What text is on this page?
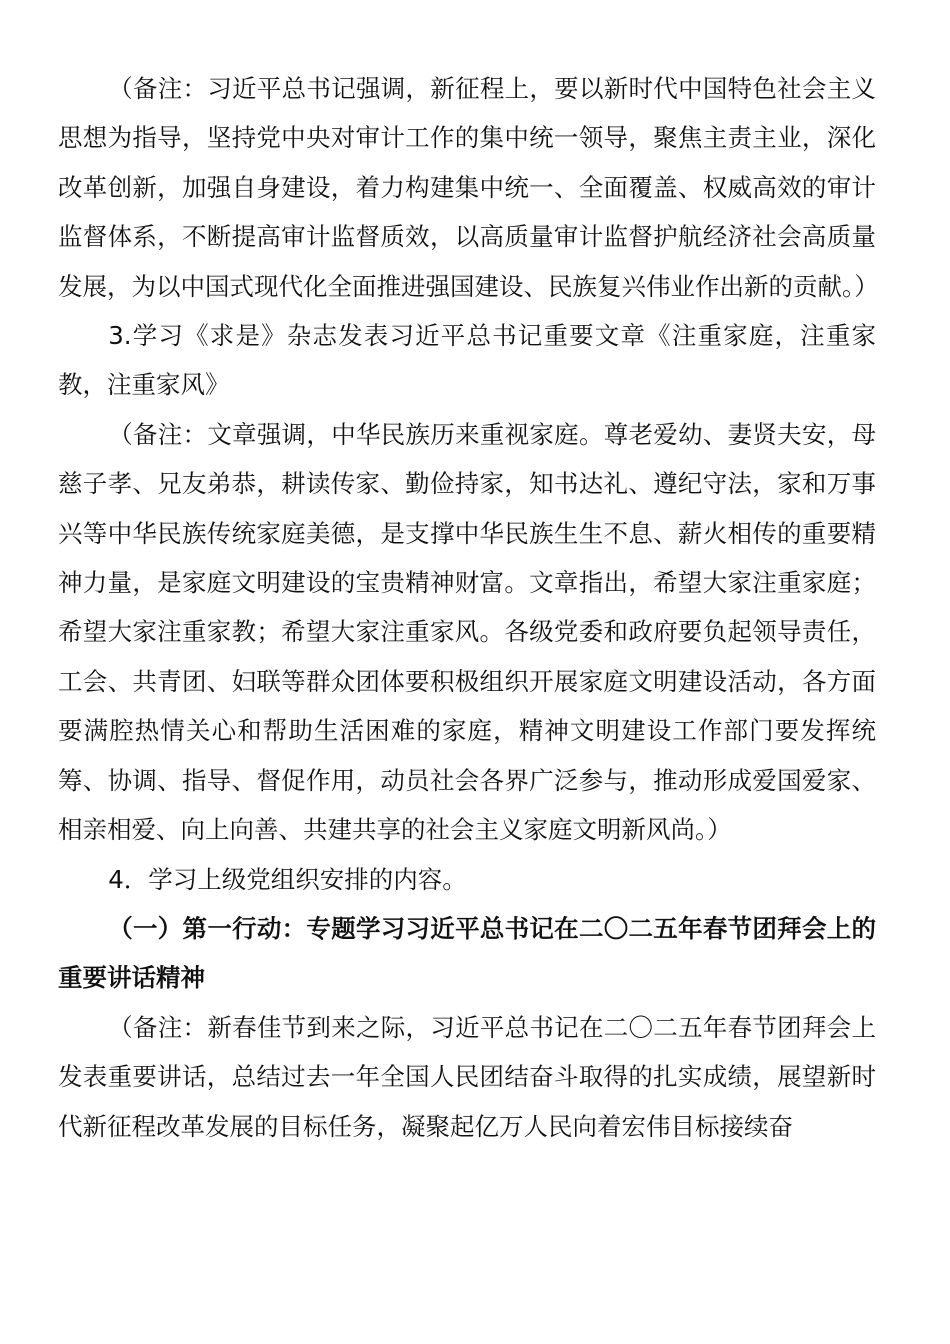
（备注：习近平总书记强调，新征程上，要以新时代中国特色社会主义思想为指导，坚持党中央对审计工作的集中统一领导，聚焦主责主业，深化改革创新，加强自身建设，着力构建集中统一、全面覆盖、权威高效的审计监督体系，不断提高审计监督质效，以高质量审计监督护航经济社会高质量发展，为以中国式现代化全面推进强国建设、民族复兴伟业作出新的贡献。）

3.学习《求是》杂志发表习近平总书记重要文章《注重家庭，注重家教，注重家风》

（备注：文章强调，中华民族历来重视家庭。尊老爱幼、妻贤夫安，母慈子孝、兄友弟恭，耕读传家、勤俭持家，知书达礼、遵纪守法，家和万事兴等中华民族传统家庭美德，是支撑中华民族生生不息、薪火相传的重要精神力量，是家庭文明建设的宝贵精神财富。文章指出，希望大家注重家庭；希望大家注重家教；希望大家注重家风。各级党委和政府要负起领导责任，工会、共青团、妇联等群众团体要积极组织开展家庭文明建设活动，各方面要满腔热情关心和帮助生活困难的家庭，精神文明建设工作部门要发挥统筹、协调、指导、督促作用，动员社会各界广泛参与，推动形成爱国爱家、相亲相爱、向上向善、共建共享的社会主义家庭文明新风尚。）

4．学习上级党组织安排的内容。

（一）第一行动：专题学习习近平总书记在二〇二五年春节团拜会上的重要讲话精神

（备注：新春佳节到来之际，习近平总书记在二〇二五年春节团拜会上发表重要讲话，总结过去一年全国人民团结奋斗取得的扎实成绩，展望新时代新征程改革发展的目标任务，凝聚起亿万人民向着宏伟目标接续奋
